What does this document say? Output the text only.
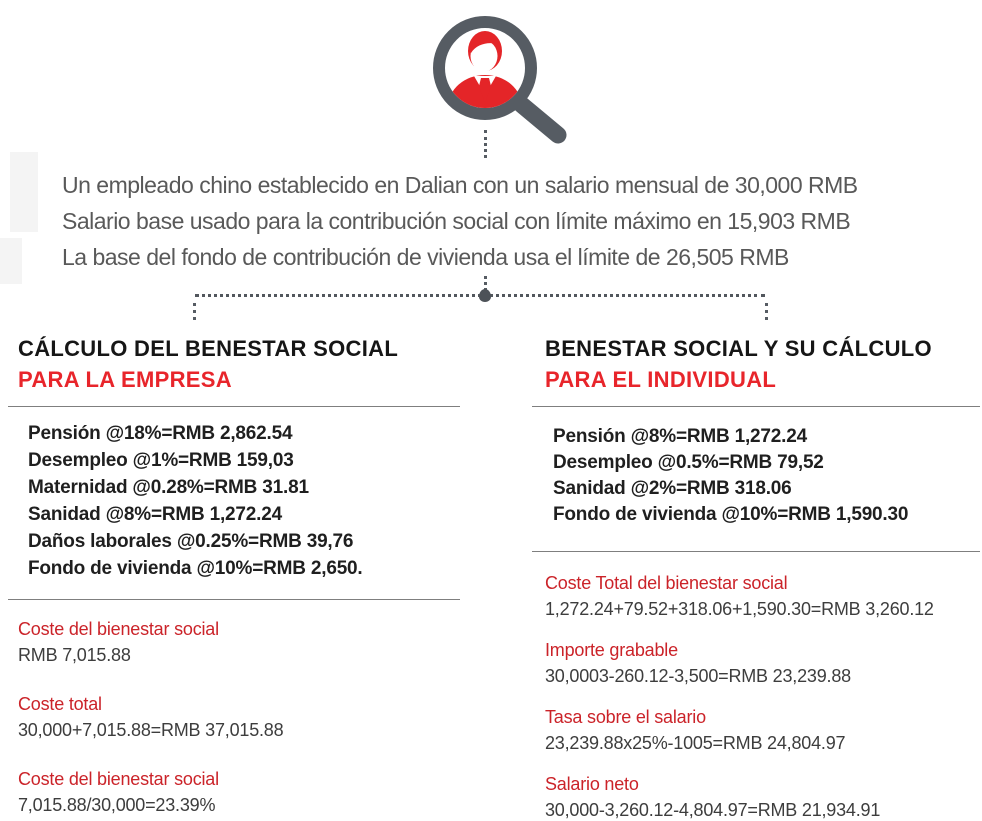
Un empleado chino establecido en Dalian con un salario mensual de 30,000 RMB
Salario base usado para la contribución social con límite máximo en 15,903 RMB
La base del fondo de contribución de vivienda usa el límite de 26,505 RMB
CÁLCULO DEL BENESTAR SOCIAL
PARA LA EMPRESA
Pensión @18%=RMB 2,862.54
Desempleo @1%=RMB 159,03
Maternidad @0.28%=RMB 31.81
Sanidad @8%=RMB 1,272.24
Daños laborales @0.25%=RMB 39,76
Fondo de vivienda @10%=RMB 2,650.
Coste del bienestar social
RMB 7,015.88
Coste total
30,000+7,015.88=RMB 37,015.88
Coste del bienestar social
7,015.88/30,000=23.39%
BENESTAR SOCIAL Y SU CÁLCULO
PARA EL INDIVIDUAL
Pensión @8%=RMB 1,272.24
Desempleo @0.5%=RMB 79,52
Sanidad @2%=RMB 318.06
Fondo de vivienda @10%=RMB 1,590.30
Coste Total del bienestar social
1,272.24+79.52+318.06+1,590.30=RMB 3,260.12
Importe grabable
30,0003-260.12-3,500=RMB 23,239.88
Tasa sobre el salario
23,239.88x25%-1005=RMB 24,804.97
Salario neto
30,000-3,260.12-4,804.97=RMB 21,934.91
